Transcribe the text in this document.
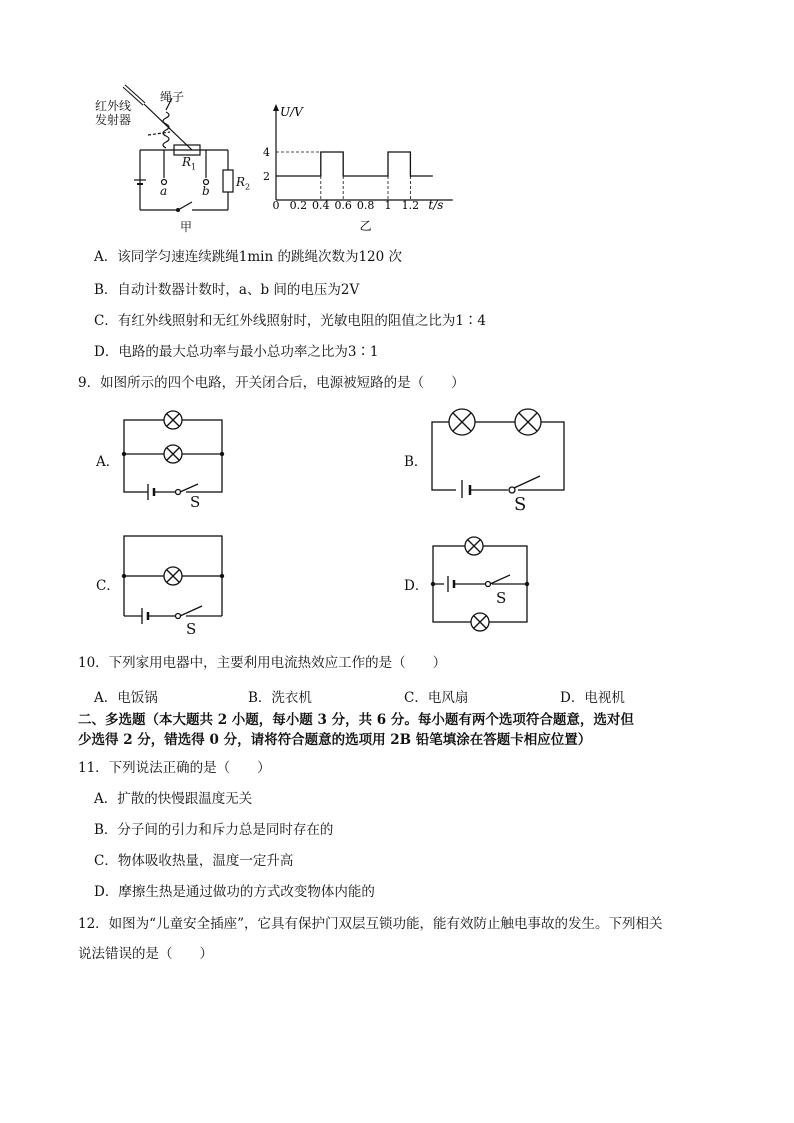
红外线
发射器
绳子
$R_1$
$R_2$
a	b
甲
U/V
t/s
0 0.2 0.4 0.6 0.8 1 1.2
2
4
乙
A．该同学匀速连续跳绳1min 的跳绳次数为120 次
B．自动计数器计数时，a、b 间的电压为2V
C．有红外线照射和无红外线照射时，光敏电阻的阻值之比为1∶4
D．电路的最大总功率与最小总功率之比为3∶1
9．如图所示的四个电路，开关闭合后，电源被短路的是（　　）
A．
S
B．
S
C．
S
D．
S
10．下列家用电器中，主要利用电流热效应工作的是（　　）
A．电饭锅	B．洗衣机	C．电风扇	D．电视机
二、多选题（本大题共 2 小题，每小题 3 分，共 6 分。每小题有两个选项符合题意，选对但
少选得 2 分，错选得 0 分，请将符合题意的选项用 2B 铅笔填涂在答题卡相应位置）
11．下列说法正确的是（　　）
A．扩散的快慢跟温度无关
B．分子间的引力和斥力总是同时存在的
C．物体吸收热量，温度一定升高
D．摩擦生热是通过做功的方式改变物体内能的
12．如图为“儿童安全插座”，它具有保护门双层互锁功能，能有效防止触电事故的发生。下列相关
说法错误的是（　　）
